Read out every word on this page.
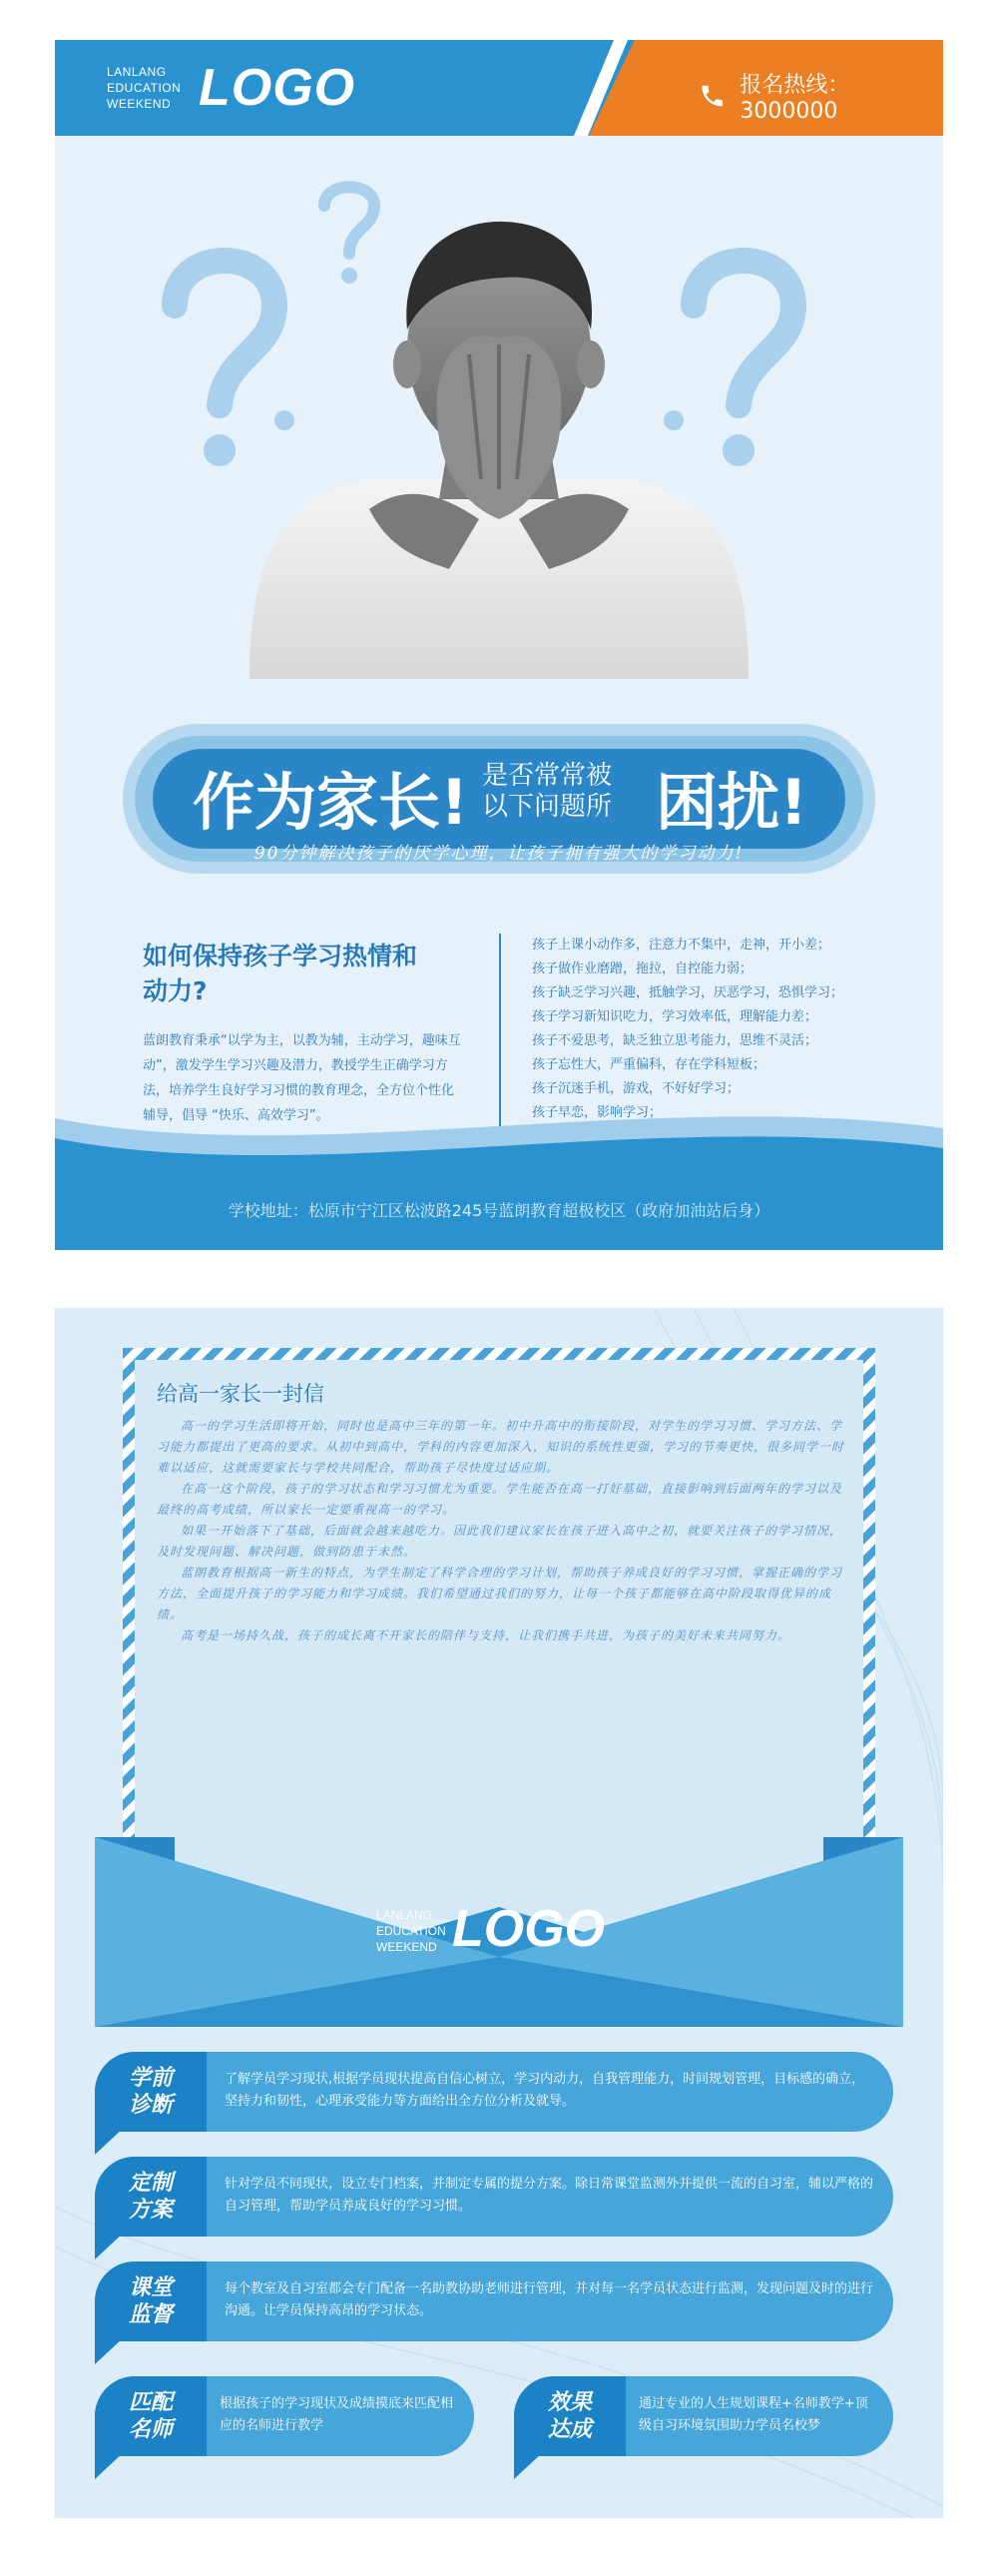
LANLANG
EDUCATION
WEEKEND LOGO	报名热线：3000000
作为家长! 是否常常被
以下问题所 困扰!
90分钟解决孩子的厌学心理，让孩子拥有强大的学习动力!
如何保持孩子学习热情和动力?
蓝朗教育秉承“以学为主，以教为辅，主动学习，趣味互动”，激发学生学习兴趣及潜力，教授学生正确学习方法，培养学生良好学习习惯的教育理念，全方位个性化辅导，倡导 “快乐、高效学习”。
孩子上课小动作多，注意力不集中，走神，开小差；
孩子做作业磨蹭，拖拉，自控能力弱；
孩子缺乏学习兴趣，抵触学习，厌恶学习，恐惧学习；
孩子学习新知识吃力，学习效率低，理解能力差；
孩子不爱思考，缺乏独立思考能力，思维不灵活；
孩子忘性大，严重偏科，存在学科短板；
孩子沉迷手机，游戏，不好好学习；
孩子早恋，影响学习；
学校地址：松原市宁江区松波路245号蓝朗教育超极校区（政府加油站后身）
给高一家长一封信

高一的学习生活即将开始，同时也是高中三年的第一年。初中升高中的衔接阶段，对学生的学习习惯、学习方法、学习能力都提出了更高的要求。从初中到高中，学科的内容更加深入，知识的系统性更强，学习的节奏更快，很多同学一时难以适应，这就需要家长与学校共同配合，帮助孩子尽快度过适应期。

在高一这个阶段，孩子的学习状态和学习习惯尤为重要。学生能否在高一打好基础，直接影响到后面两年的学习以及最终的高考成绩，所以家长一定要重视高一的学习。

如果一开始落下了基础，后面就会越来越吃力。因此我们建议家长在孩子进入高中之初，就要关注孩子的学习情况，及时发现问题、解决问题，做到防患于未然。

蓝朗教育根据高一新生的特点，为学生制定了科学合理的学习计划，帮助孩子养成良好的学习习惯，掌握正确的学习方法，全面提升孩子的学习能力和学习成绩。我们希望通过我们的努力，让每一个孩子都能够在高中阶段取得优异的成绩。

高考是一场持久战，孩子的成长离不开家长的陪伴与支持，让我们携手共进，为孩子的美好未来共同努力。

LANLANG
EDUCATION
WEEKEND LOGO
学前
诊断
了解学员学习现状,根据学员现状提高自信心树立，学习内动力，自我管理能力，时间规划管理，目标感的确立，坚持力和韧性，心理承受能力等方面给出全方位分析及就导。
定制
方案
针对学员不同现状，设立专门档案，并制定专属的提分方案。除日常课堂监测外并提供一流的自习室，辅以严格的自习管理，帮助学员养成良好的学习习惯。
课堂
监督
每个教室及自习室都会专门配备一名助教协助老师进行管理，并对每一名学员状态进行监测，发现问题及时的进行沟通。让学员保持高昂的学习状态。
匹配
名师
根据孩子的学习现状及成绩摸底来匹配相应的名师进行教学
效果
达成
通过专业的人生规划课程+名师教学+顶级自习环境氛围助力学员名校梦
